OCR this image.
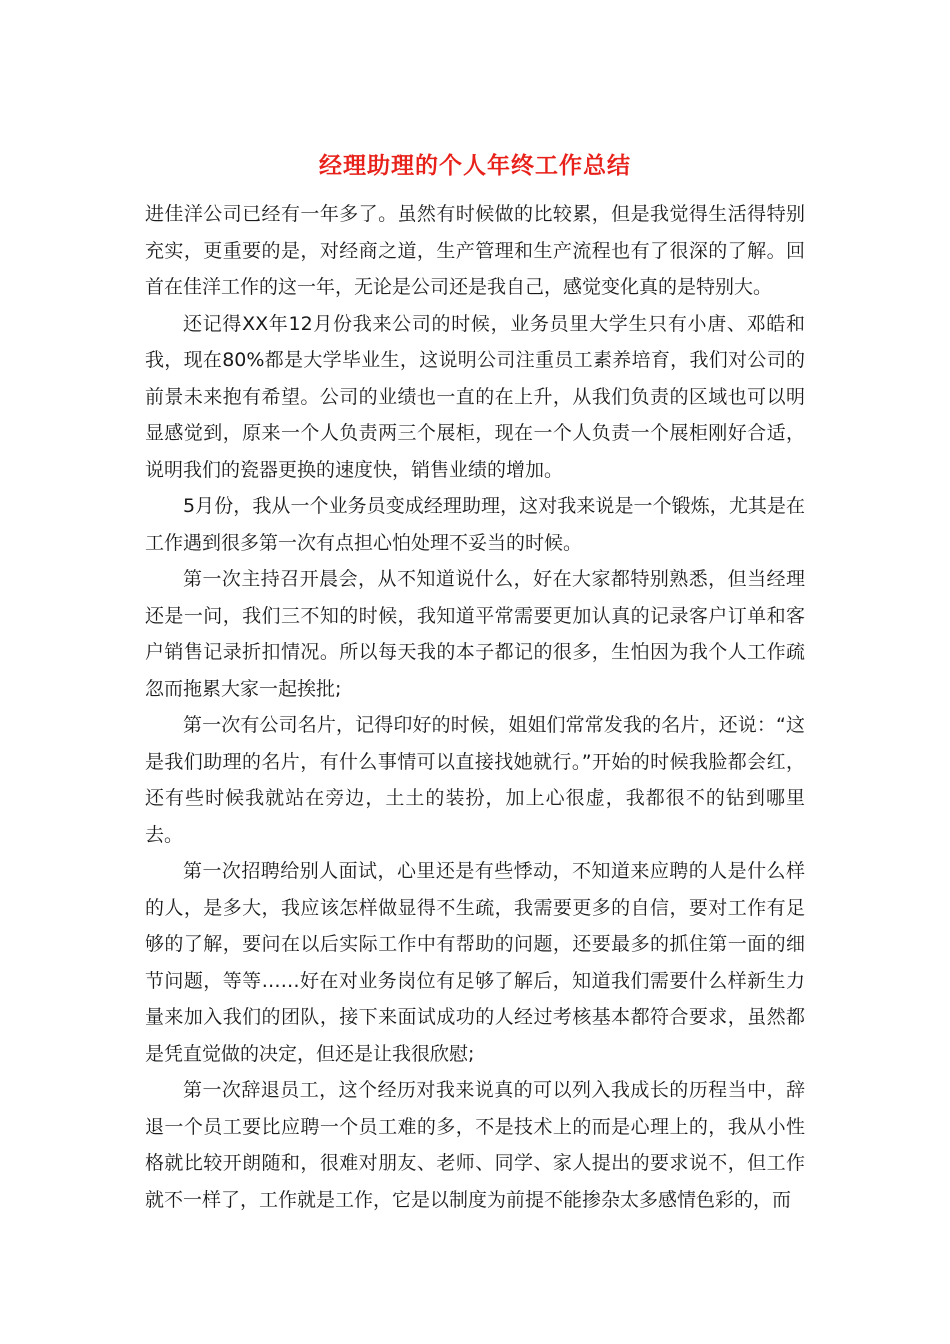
经理助理的个人年终工作总结

进佳洋公司已经有一年多了。虽然有时候做的比较累，但是我觉得生活得特别充实，更重要的是，对经商之道，生产管理和生产流程也有了很深的了解。回首在佳洋工作的这一年，无论是公司还是我自己，感觉变化真的是特别大。

还记得XX年12月份我来公司的时候，业务员里大学生只有小唐、邓皓和我，现在80%都是大学毕业生，这说明公司注重员工素养培育，我们对公司的前景未来抱有希望。公司的业绩也一直的在上升，从我们负责的区域也可以明显感觉到，原来一个人负责两三个展柜，现在一个人负责一个展柜刚好合适，说明我们的瓷器更换的速度快，销售业绩的增加。

5月份，我从一个业务员变成经理助理，这对我来说是一个锻炼，尤其是在工作遇到很多第一次有点担心怕处理不妥当的时候。

第一次主持召开晨会，从不知道说什么，好在大家都特别熟悉，但当经理还是一问，我们三不知的时候，我知道平常需要更加认真的记录客户订单和客户销售记录折扣情况。所以每天我的本子都记的很多，生怕因为我个人工作疏忽而拖累大家一起挨批;

第一次有公司名片，记得印好的时候，姐姐们常常发我的名片，还说：“这是我们助理的名片，有什么事情可以直接找她就行。”开始的时候我脸都会红，还有些时候我就站在旁边，土土的装扮，加上心很虚，我都很不的钻到哪里去。

第一次招聘给别人面试，心里还是有些悸动，不知道来应聘的人是什么样的人，是多大，我应该怎样做显得不生疏，我需要更多的自信，要对工作有足够的了解，要问在以后实际工作中有帮助的问题，还要最多的抓住第一面的细节问题，等等……好在对业务岗位有足够了解后，知道我们需要什么样新生力量来加入我们的团队，接下来面试成功的人经过考核基本都符合要求，虽然都是凭直觉做的决定，但还是让我很欣慰;

第一次辞退员工，这个经历对我来说真的可以列入我成长的历程当中，辞退一个员工要比应聘一个员工难的多，不是技术上的而是心理上的，我从小性格就比较开朗随和，很难对朋友、老师、同学、家人提出的要求说不，但工作就不一样了，工作就是工作，它是以制度为前提不能掺杂太多感情色彩的，而
